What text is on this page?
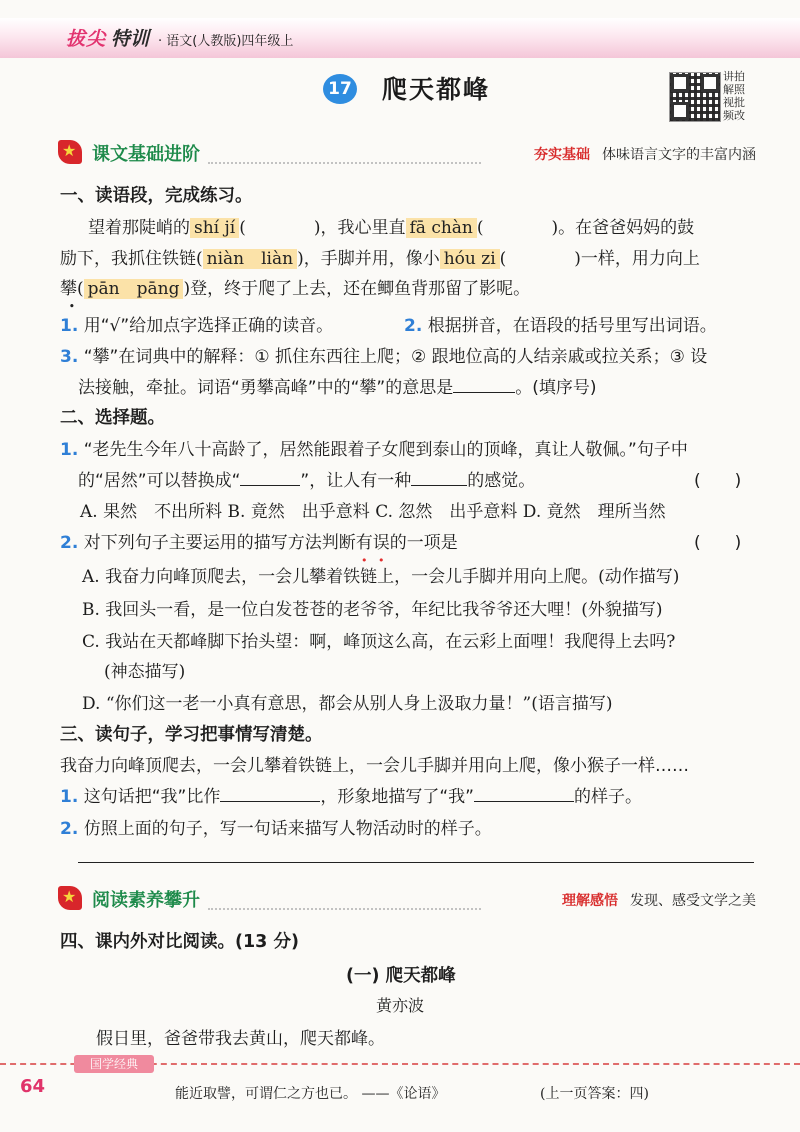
拔尖 特训 · 语文(人教版)四年级上
17 爬天都峰	讲拍解照视批频改
★
课文基础进阶	夯实基础 体味语言文字的丰富内涵
一、读语段，完成练习。
望着那陡峭的 shí jí (　　　　)，我心里直 fā chàn (　　　　)。在爸爸妈妈的鼓
励下，我抓住铁链( niàn　liàn )，手脚并用，像小 hóu zi (　　　　)一样，用力向上
攀( • pān　pāng )登，终于爬了上去，还在鲫鱼背那留了影呢。
1. 用“√”给加点字选择正确的读音。	2. 根据拼音，在语段的括号里写出词语。
3. “攀”在词典中的解释：① 抓住东西往上爬；② 跟地位高的人结亲戚或拉关系；③ 设
法接触，牵扯。词语“勇攀高峰”中的“攀”的意思是	。(填序号)
二、选择题。
1. “老先生今年八十高龄了，居然能跟着子女爬到泰山的顶峰，真让人敬佩。”句子中
的“居然”可以替换成“	”，让人有一种	的感觉。	(　　)
A. 果然　不出所料 B. 竟然　出乎意料 C. 忽然　出乎意料 D. 竟然　理所当然
2. 对下列句子主要运用的描写方法判断有误的一项是	(　　)
A. 我奋力向峰顶爬去，一会儿攀着铁链上，一会儿手脚并用向上爬。(动作描写)
B. 我回头一看，是一位白发苍苍的老爷爷，年纪比我爷爷还大哩！(外貌描写)
C. 我站在天都峰脚下抬头望：啊，峰顶这么高，在云彩上面哩！我爬得上去吗?
(神态描写)
D. “你们这一老一小真有意思，都会从别人身上汲取力量！”(语言描写)
三、读句子，学习把事情写清楚。
我奋力向峰顶爬去，一会儿攀着铁链上，一会儿手脚并用向上爬，像小猴子一样……
1. 这句话把“我”比作	，形象地描写了“我”	的样子。
2. 仿照上面的句子，写一句话来描写人物活动时的样子。
★
阅读素养攀升	理解感悟 发现、感受文学之美
四、课内外对比阅读。(13 分)
(一) 爬天都峰
黄亦波
假日里，爸爸带我去黄山，爬天都峰。
国学经典
64	能近取譬，可谓仁之方也已。 ——《论语》	(上一页答案：四)
